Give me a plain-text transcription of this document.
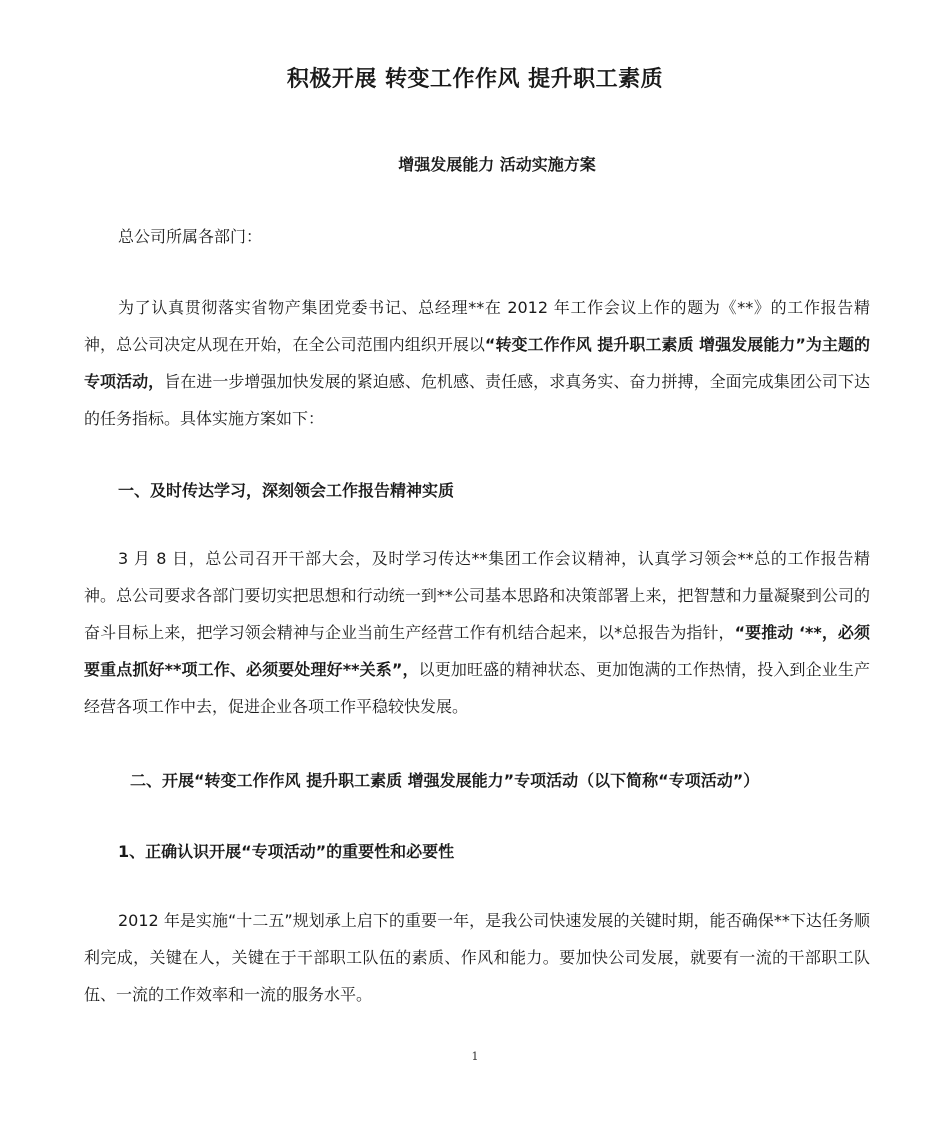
积极开展 转变工作作风 提升职工素质
增强发展能力 活动实施方案
总公司所属各部门：
为了认真贯彻落实省物产集团党委书记、总经理**在 2012 年工作会议上作的题为《**》的工作报告精神，总公司决定从现在开始，在全公司范围内组织开展以“转变工作作风 提升职工素质 增强发展能力”为主题的专项活动，旨在进一步增强加快发展的紧迫感、危机感、责任感，求真务实、奋力拼搏，全面完成集团公司下达的任务指标。具体实施方案如下：
一、及时传达学习，深刻领会工作报告精神实质
3 月 8 日，总公司召开干部大会，及时学习传达**集团工作会议精神，认真学习领会**总的工作报告精神。总公司要求各部门要切实把思想和行动统一到**公司基本思路和决策部署上来，把智慧和力量凝聚到公司的奋斗目标上来，把学习领会精神与企业当前生产经营工作有机结合起来，以*总报告为指针，“要推动 ‘**，必须要重点抓好**项工作、必须要处理好**关系”，以更加旺盛的精神状态、更加饱满的工作热情，投入到企业生产经营各项工作中去，促进企业各项工作平稳较快发展。
二、开展“转变工作作风 提升职工素质 增强发展能力”专项活动（以下简称“专项活动”）
1、正确认识开展“专项活动”的重要性和必要性
2012 年是实施“十二五”规划承上启下的重要一年，是我公司快速发展的关键时期，能否确保**下达任务顺利完成，关键在人，关键在于干部职工队伍的素质、作风和能力。要加快公司发展，就要有一流的干部职工队伍、一流的工作效率和一流的服务水平。
1
